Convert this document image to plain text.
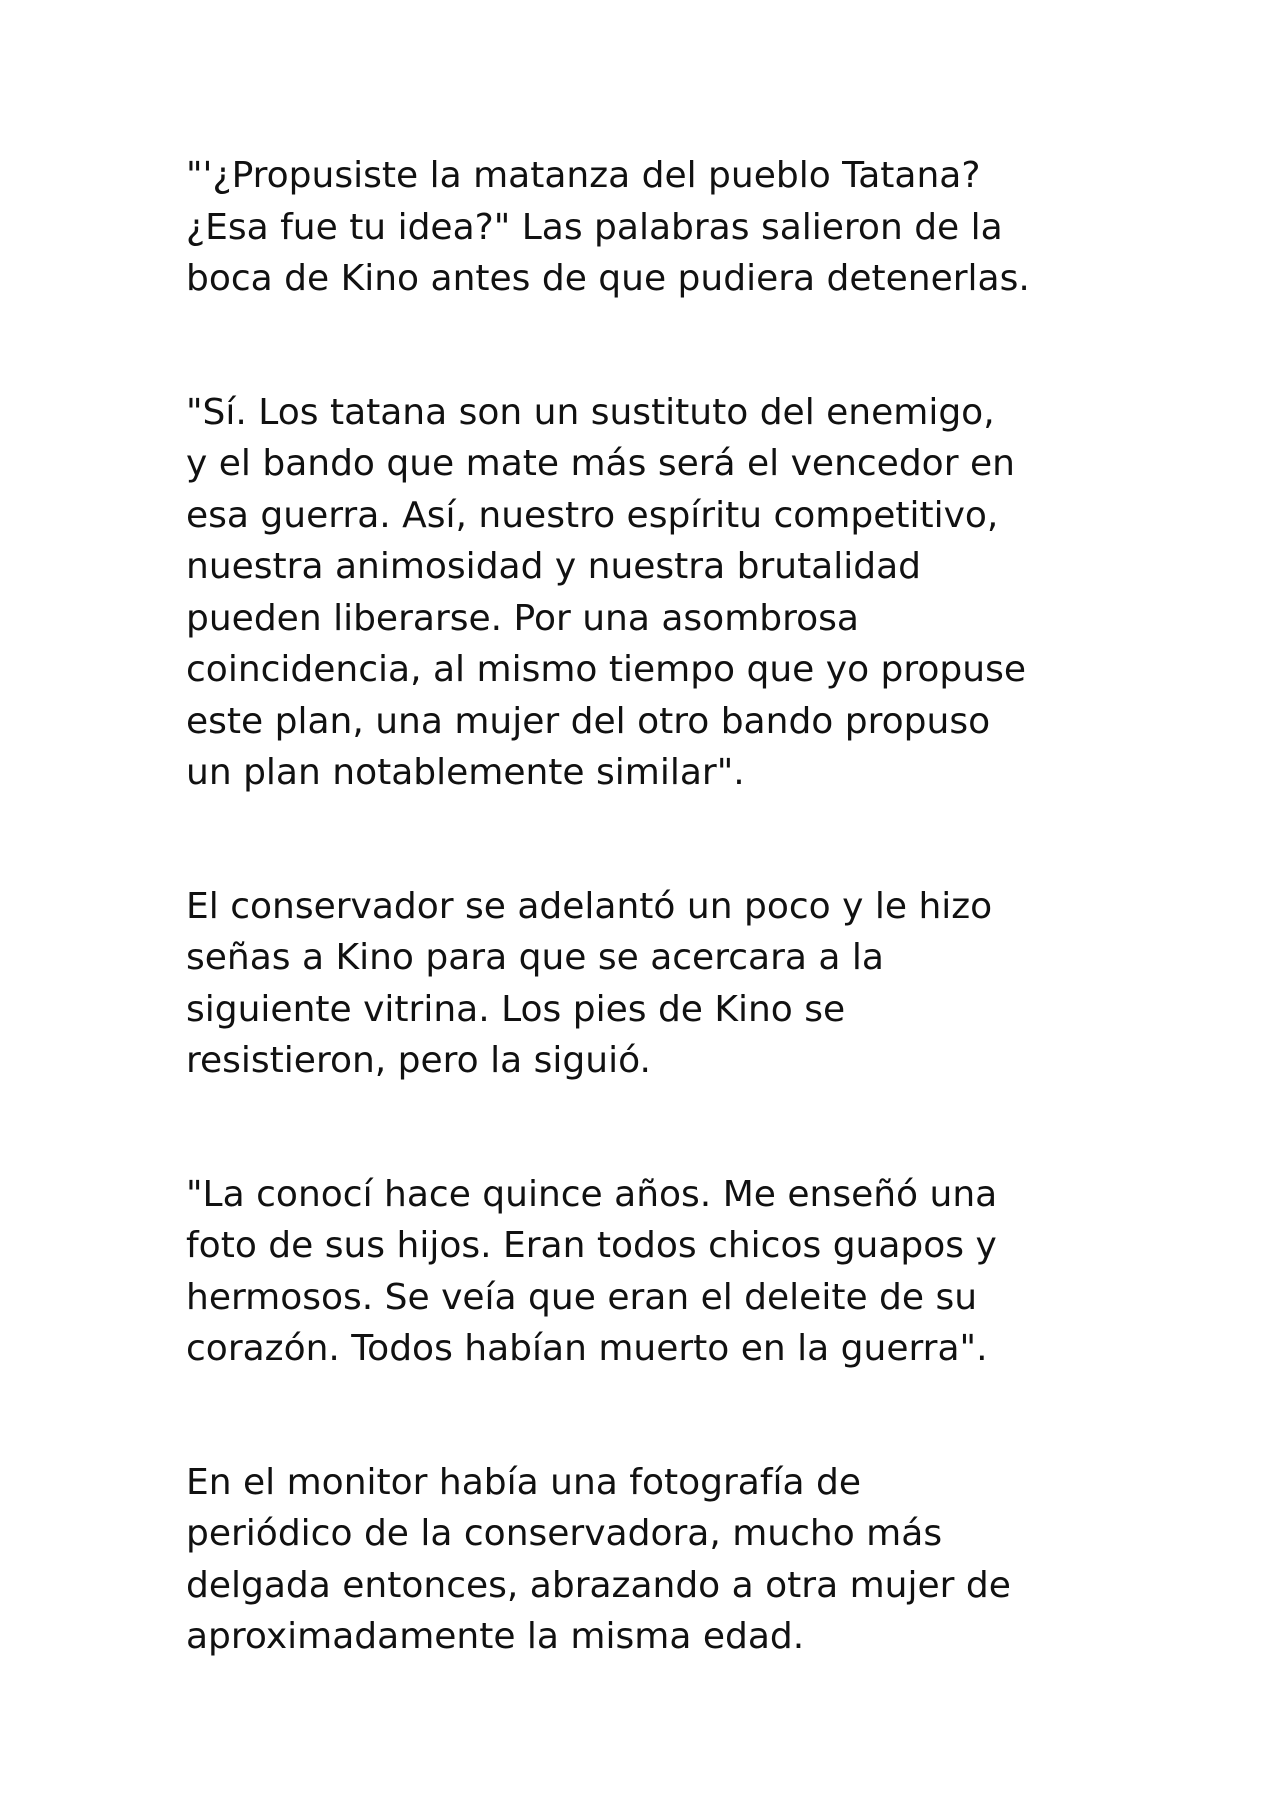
"'¿Propusiste la matanza del pueblo Tatana?
¿Esa fue tu idea?" Las palabras salieron de la
boca de Kino antes de que pudiera detenerlas.

"Sí. Los tatana son un sustituto del enemigo,
y el bando que mate más será el vencedor en
esa guerra. Así, nuestro espíritu competitivo,
nuestra animosidad y nuestra brutalidad
pueden liberarse. Por una asombrosa
coincidencia, al mismo tiempo que yo propuse
este plan, una mujer del otro bando propuso
un plan notablemente similar".

El conservador se adelantó un poco y le hizo
señas a Kino para que se acercara a la
siguiente vitrina. Los pies de Kino se
resistieron, pero la siguió.

"La conocí hace quince años. Me enseñó una
foto de sus hijos. Eran todos chicos guapos y
hermosos. Se veía que eran el deleite de su
corazón. Todos habían muerto en la guerra".

En el monitor había una fotografía de
periódico de la conservadora, mucho más
delgada entonces, abrazando a otra mujer de
aproximadamente la misma edad.
